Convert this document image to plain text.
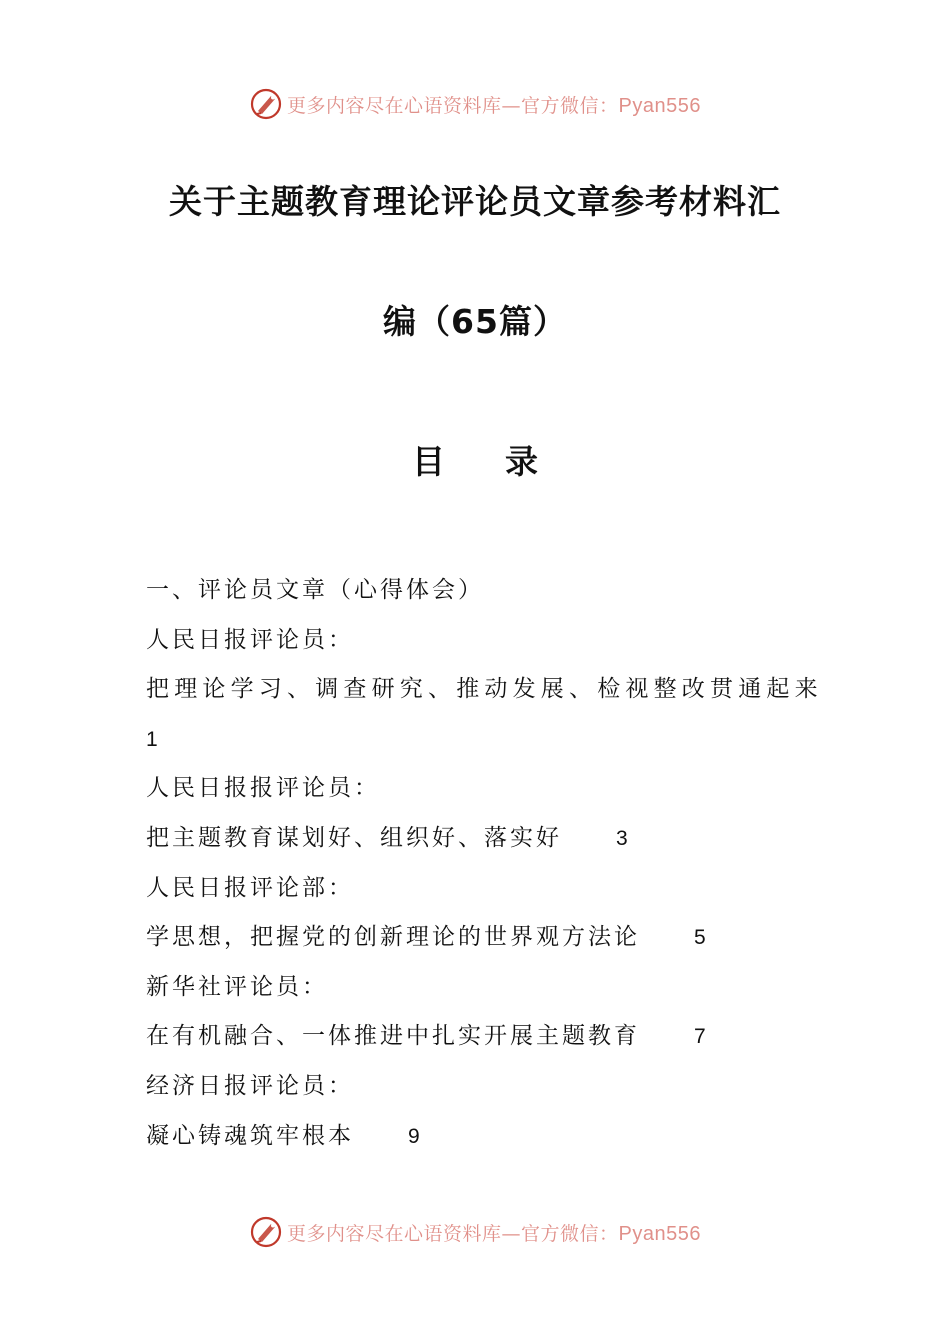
更多内容尽在心语资料库—官方微信：Pyan556
关于主题教育理论评论员文章参考材料汇
编（65篇）
目 录
一、评论员文章（心得体会）
人民日报评论员：
把理论学习、调查研究、推动发展、检视整改贯通起来
1
人民日报报评论员：
把主题教育谋划好、组织好、落实好	3
人民日报评论部：
学思想，把握党的创新理论的世界观方法论	5
新华社评论员：
在有机融合、一体推进中扎实开展主题教育	7
经济日报评论员：
凝心铸魂筑牢根本	9
更多内容尽在心语资料库—官方微信：Pyan556
